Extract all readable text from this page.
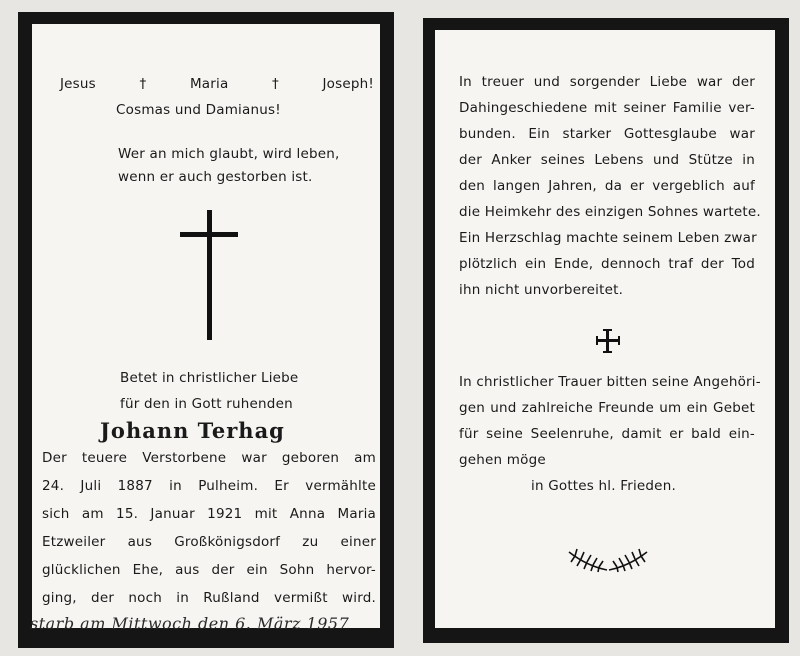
Jesus	†	Maria	†	Joseph!
Cosmas und Damianus!
Wer an mich glaubt, wird leben,
wenn er auch gestorben ist.
Betet in christlicher Liebe
für den in Gott ruhenden
Johann Terhag
Der teuere Verstorbene war geboren am
24. Juli 1887 in Pulheim. Er vermählte
sich am 15. Januar 1921 mit Anna Maria
Etzweiler aus Großkönigsdorf zu einer
glücklichen Ehe, aus der ein Sohn hervor-
ging, der noch in Rußland vermißt wird.
starb am Mittwoch den 6. März 1957
In treuer und sorgender Liebe war der
Dahingeschiedene mit seiner Familie ver-
bunden. Ein starker Gottesglaube war
der Anker seines Lebens und Stütze in
den langen Jahren, da er vergeblich auf
die Heimkehr des einzigen Sohnes wartete.
Ein Herzschlag machte seinem Leben zwar
plötzlich ein Ende, dennoch traf der Tod
ihn nicht unvorbereitet.
In christlicher Trauer bitten seine Angehöri-
gen und zahlreiche Freunde um ein Gebet
für seine Seelenruhe, damit er bald ein-
gehen möge
in Gottes hl. Frieden.
